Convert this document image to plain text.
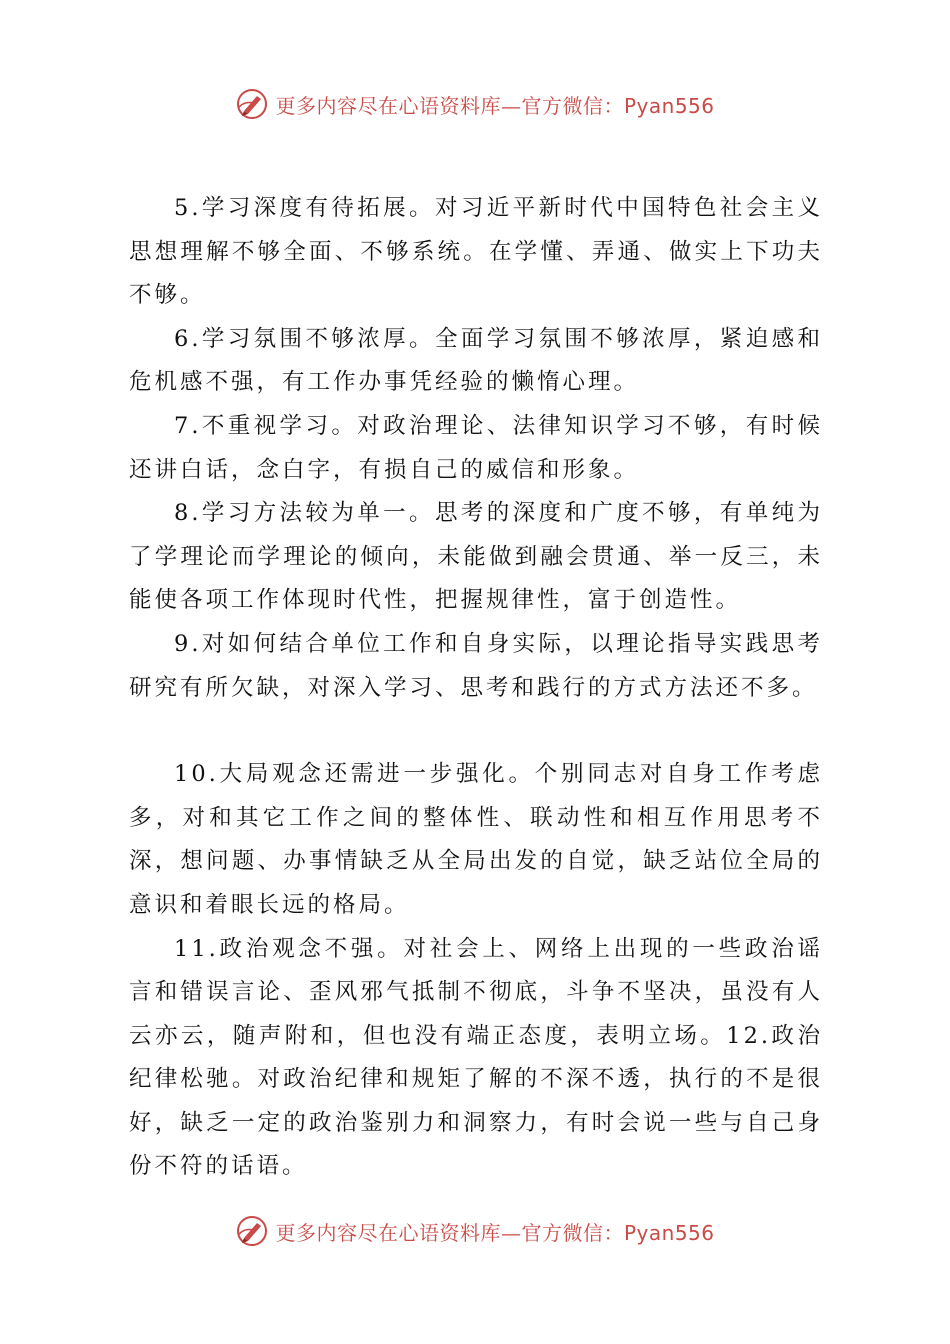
更多内容尽在心语资料库—官方微信：Pyan556

5.学习深度有待拓展。对习近平新时代中国特色社会主义思想理解不够全面、不够系统。在学懂、弄通、做实上下功夫不够。

6.学习氛围不够浓厚。全面学习氛围不够浓厚，紧迫感和危机感不强，有工作办事凭经验的懒惰心理。

7.不重视学习。对政治理论、法律知识学习不够，有时候还讲白话，念白字，有损自己的威信和形象。

8.学习方法较为单一。思考的深度和广度不够，有单纯为了学理论而学理论的倾向，未能做到融会贯通、举一反三，未能使各项工作体现时代性，把握规律性，富于创造性。

9.对如何结合单位工作和自身实际，以理论指导实践思考研究有所欠缺，对深入学习、思考和践行的方式方法还不多。

10.大局观念还需进一步强化。个别同志对自身工作考虑多，对和其它工作之间的整体性、联动性和相互作用思考不深，想问题、办事情缺乏从全局出发的自觉，缺乏站位全局的意识和着眼长远的格局。

11.政治观念不强。对社会上、网络上出现的一些政治谣言和错误言论、歪风邪气抵制不彻底，斗争不坚决，虽没有人云亦云，随声附和，但也没有端正态度，表明立场。12.政治纪律松驰。对政治纪律和规矩了解的不深不透，执行的不是很好，缺乏一定的政治鉴别力和洞察力，有时会说一些与自己身份不符的话语。

更多内容尽在心语资料库—官方微信：Pyan556
